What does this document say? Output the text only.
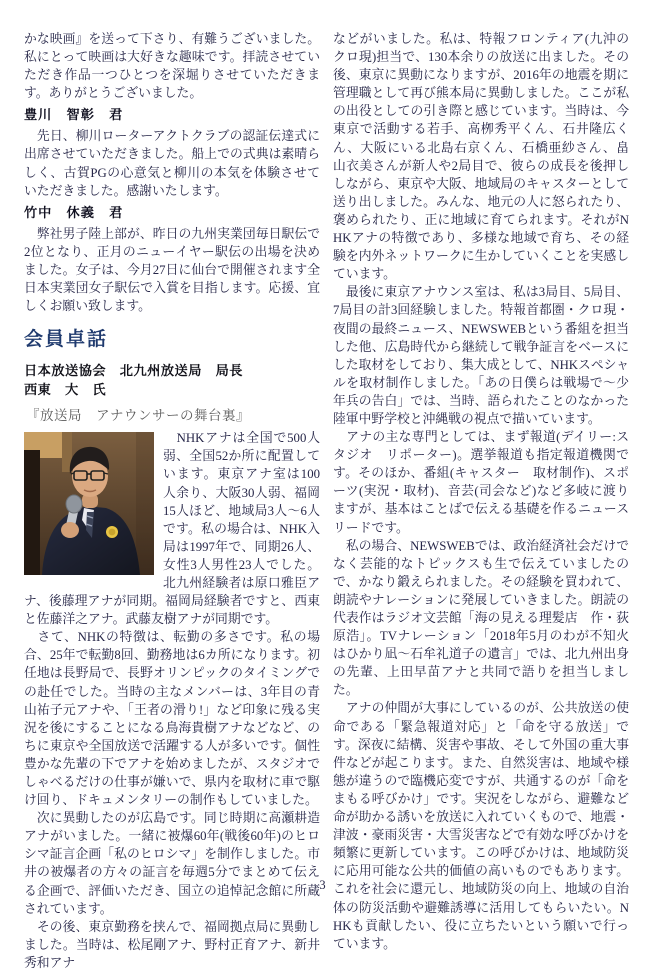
かな映画』を送って下さり、有難うございました。私にとって映画は大好きな趣味です。拝読させていただき作品一つひとつを深堀りさせていただきます。ありがとうございました。

豊川　智彰　君

　先日、柳川ローターアクトクラブの認証伝達式に出席させていただきました。船上での式典は素晴らしく、古賀PGの心意気と柳川の本気を体験させていただきました。感謝いたします。

竹中　休義　君

　弊社男子陸上部が、昨日の九州実業団毎日駅伝で2位となり、正月のニューイヤー駅伝の出場を決めました。女子は、今月27日に仙台で開催されます全日本実業団女子駅伝で入賞を目指します。応援、宜しくお願い致します。

会員卓話
日本放送協会　北九州放送局　局長
西東　大　氏
『放送局　アナウンサーの舞台裏』

　NHKアナは全国で500人弱、全国52か所に配置しています。東京アナ室は100人余り、大阪30人弱、福岡15人ほど、地域局3人〜6人です。私の場合は、NHK入局は1997年で、同期26人、女性3人男性23人でした。北九州経験者は原口雅臣アナ、後藤理アナが同期。福岡局経験者ですと、西東と佐藤洋之アナ。武藤友樹アナが同期です。

　さて、NHKの特徴は、転勤の多さです。私の場合、25年で転勤8回、勤務地は6カ所になります。初任地は長野局で、長野オリンピックのタイミングでの赴任でした。当時の主なメンバーは、3年目の青山祐子元アナや、「王者の滑り!」など印象に残る実況を後にすることになる鳥海貴樹アナなどなど、のちに東京や全国放送で活躍する人が多いです。個性豊かな先輩の下でアナを始めましたが、スタジオでしゃべるだけの仕事が嫌いで、県内を取材に車で駆け回り、ドキュメンタリーの制作もしていました。

　次に異動したのが広島です。同じ時期に高瀬耕造アナがいました。一緒に被爆60年(戦後60年)のヒロシマ証言企画「私のヒロシマ」を制作しました。市井の被爆者の方々の証言を毎週5分でまとめて伝える企画で、評価いただき、国立の追悼記念館に所蔵されています。

　その後、東京勤務を挟んで、福岡拠点局に異動しました。当時は、松尾剛アナ、野村正育アナ、新井秀和アナ

などがいました。私は、特報フロンティア(九沖のクロ現)担当で、130本余りの放送に出ました。その後、東京に異動になりますが、2016年の地震を期に管理職として再び熊本局に異動しました。ここが私の出役としての引き際と感じています。当時は、今東京で活動する若手、高栁秀平くん、石井隆広くん、大阪にいる北島右京くん、石橋亜紗さん、畠山衣美さんが新人や2局目で、彼らの成長を後押ししながら、東京や大阪、地域局のキャスターとして送り出しました。みんな、地元の人に怒られたり、褒められたり、正に地域に育てられます。それがNHKアナの特徴であり、多様な地域で育ち、その経験を内外ネットワークに生かしていくことを実感しています。

　最後に東京アナウンス室は、私は3局目、5局目、7局目の計3回経験しました。特報首都圏・クロ現・夜間の最終ニュース、NEWSWEBという番組を担当した他、広島時代から継続して戦争証言をベースにした取材をしており、集大成として、NHKスペシャルを取材制作しました。「あの日僕らは戦場で〜少年兵の告白」では、当時、語られたことのなかった陸軍中野学校と沖縄戦の視点で描いています。

　アナの主な専門としては、まず報道(デイリー:スタジオ　リポーター)。選挙報道も指定報道機関です。そのほか、番組(キャスター　取材制作)、スポーツ(実況・取材)、音芸(司会など)など多岐に渡りますが、基本はことばで伝える基礎を作るニュースリードです。

　私の場合、NEWSWEBでは、政治経済社会だけでなく芸能的なトピックスも生で伝えていましたので、かなり鍛えられました。その経験を買われて、朗読やナレーションに発展していきました。朗読の代表作はラジオ文芸館「海の見える理髪店　作・荻原浩」。TVナレーション「2018年5月のわが不知火はひかり凪〜石牟礼道子の遺言」では、北九州出身の先輩、上田早苗アナと共同で語りを担当しました。

　アナの仲間が大事にしているのが、公共放送の使命である「緊急報道対応」と「命を守る放送」です。深夜に結構、災害や事故、そして外国の重大事件などが起こります。また、自然災害は、地域や様態が違うので臨機応変ですが、共通するのが「命をまもる呼びかけ」です。実況をしながら、避難など命が助かる誘いを放送に入れていくもので、地震・津波・豪雨災害・大雪災害などで有効な呼びかけを頻繁に更新しています。この呼びかけは、地域防災に応用可能な公共的価値の高いものでもあります。これを社会に還元し、地域防災の向上、地域の自治体の防災活動や避難誘導に活用してもらいたい。NHKも貢献したい、役に立ちたいという願いで行っています。

3
